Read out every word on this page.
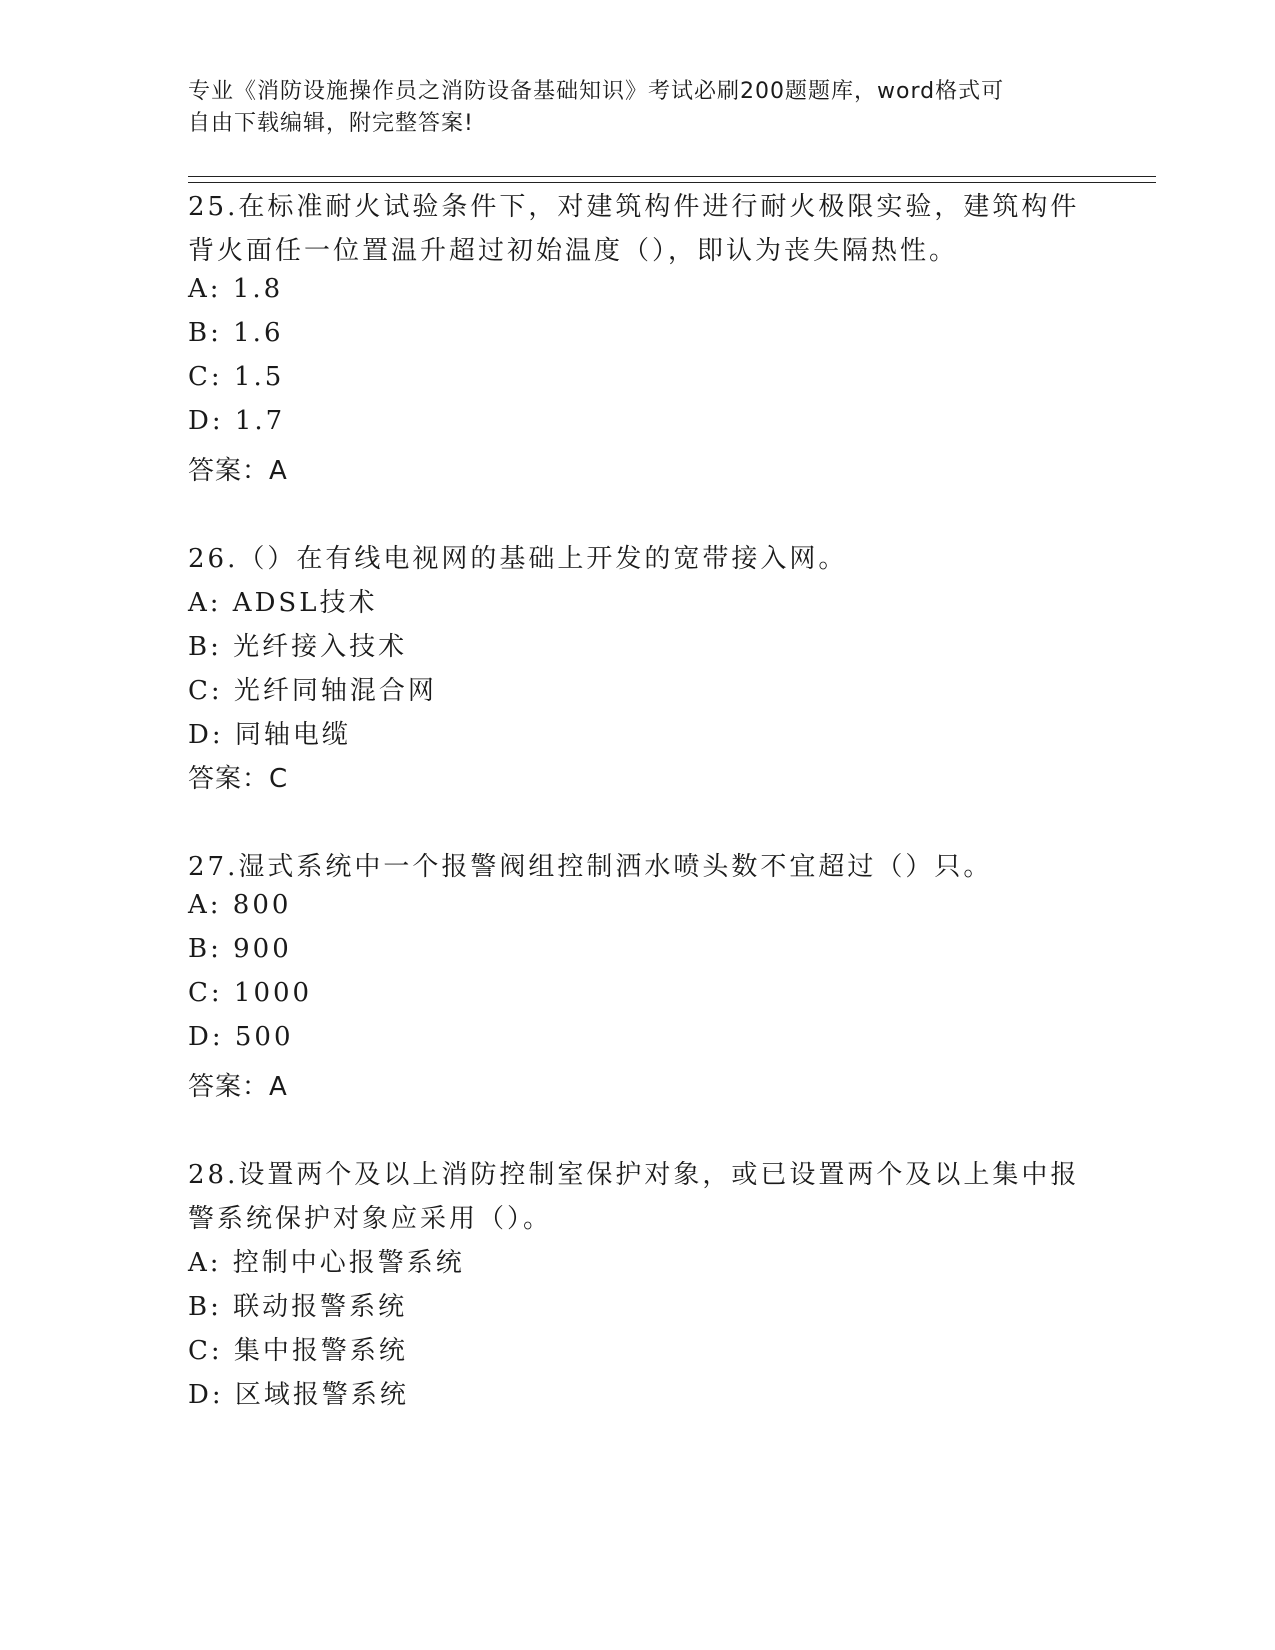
专业《消防设施操作员之消防设备基础知识》考试必刷200题题库，word格式可
自由下载编辑，附完整答案!
25.在标准耐火试验条件下，对建筑构件进行耐火极限实验，建筑构件
背火面任一位置温升超过初始温度（），即认为丧失隔热性。
A: 1.8
B: 1.6
C: 1.5
D: 1.7
答案：A
26.（）在有线电视网的基础上开发的宽带接入网。
A: ADSL技术
B: 光纤接入技术
C: 光纤同轴混合网
D: 同轴电缆
答案：C
27.湿式系统中一个报警阀组控制洒水喷头数不宜超过（）只。
A: 800
B: 900
C: 1000
D: 500
答案：A
28.设置两个及以上消防控制室保护对象，或已设置两个及以上集中报
警系统保护对象应采用（）。
A: 控制中心报警系统
B: 联动报警系统
C: 集中报警系统
D: 区域报警系统
